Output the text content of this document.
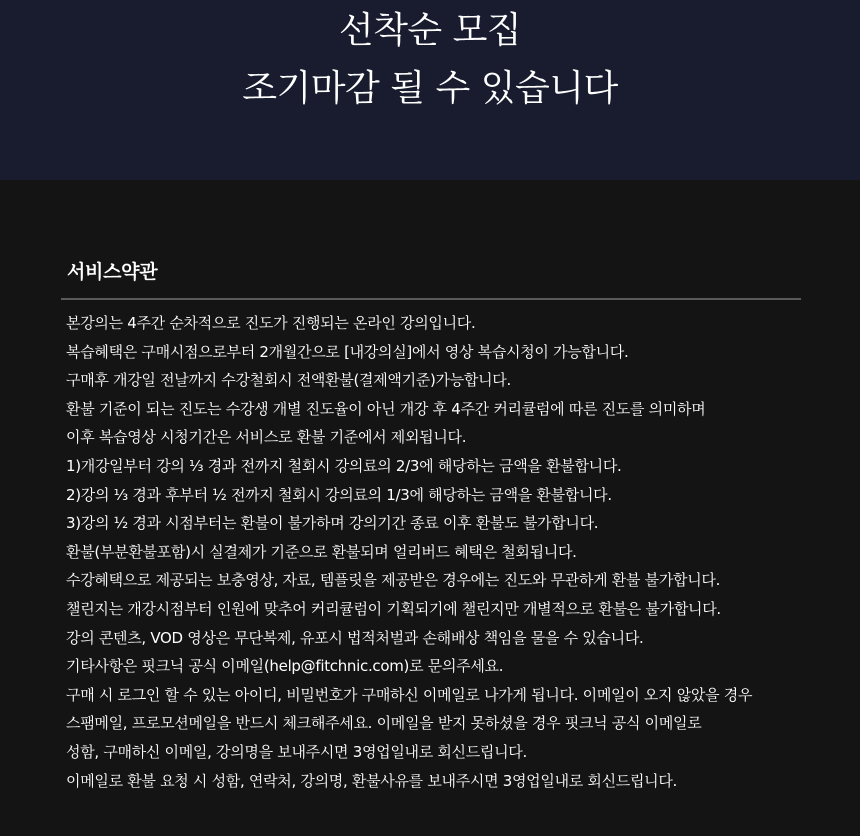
선착순 모집
조기마감 될 수 있습니다
서비스약관
본강의는 4주간 순차적으로 진도가 진행되는 온라인 강의입니다.
복습혜택은 구매시점으로부터 2개월간으로 [내강의실]에서 영상 복습시청이 가능합니다.
구매후 개강일 전날까지 수강철회시 전액환불(결제액기준)가능합니다.
환불 기준이 되는 진도는 수강생 개별 진도율이 아닌 개강 후 4주간 커리큘럼에 따른 진도를 의미하며
이후 복습영상 시청기간은 서비스로 환불 기준에서 제외됩니다.
1)개강일부터 강의 ⅓ 경과 전까지 철회시 강의료의 2/3에 해당하는 금액을 환불합니다.
2)강의 ⅓ 경과 후부터 ½ 전까지 철회시 강의료의 1/3에 해당하는 금액을 환불합니다.
3)강의 ½ 경과 시점부터는 환불이 불가하며 강의기간 종료 이후 환불도 불가합니다.
환불(부분환불포함)시 실결제가 기준으로 환불되며 얼리버드 혜택은 철회됩니다.
수강혜택으로 제공되는 보충영상, 자료, 템플릿을 제공받은 경우에는 진도와 무관하게 환불 불가합니다.
챌린지는 개강시점부터 인원에 맞추어 커리큘럼이 기획되기에 챌린지만 개별적으로 환불은 불가합니다.
강의 콘텐츠, VOD 영상은 무단복제, 유포시 법적처벌과 손해배상 책임을 물을 수 있습니다.
기타사항은 핏크닉 공식 이메일(help@fitchnic.com)로 문의주세요.
구매 시 로그인 할 수 있는 아이디, 비밀번호가 구매하신 이메일로 나가게 됩니다. 이메일이 오지 않았을 경우
스팸메일, 프로모션메일을 반드시 체크해주세요. 이메일을 받지 못하셨을 경우 핏크닉 공식 이메일로
성함, 구매하신 이메일, 강의명을 보내주시면 3영업일내로 회신드립니다.
이메일로 환불 요청 시 성함, 연락처, 강의명, 환불사유를 보내주시면 3영업일내로 회신드립니다.
